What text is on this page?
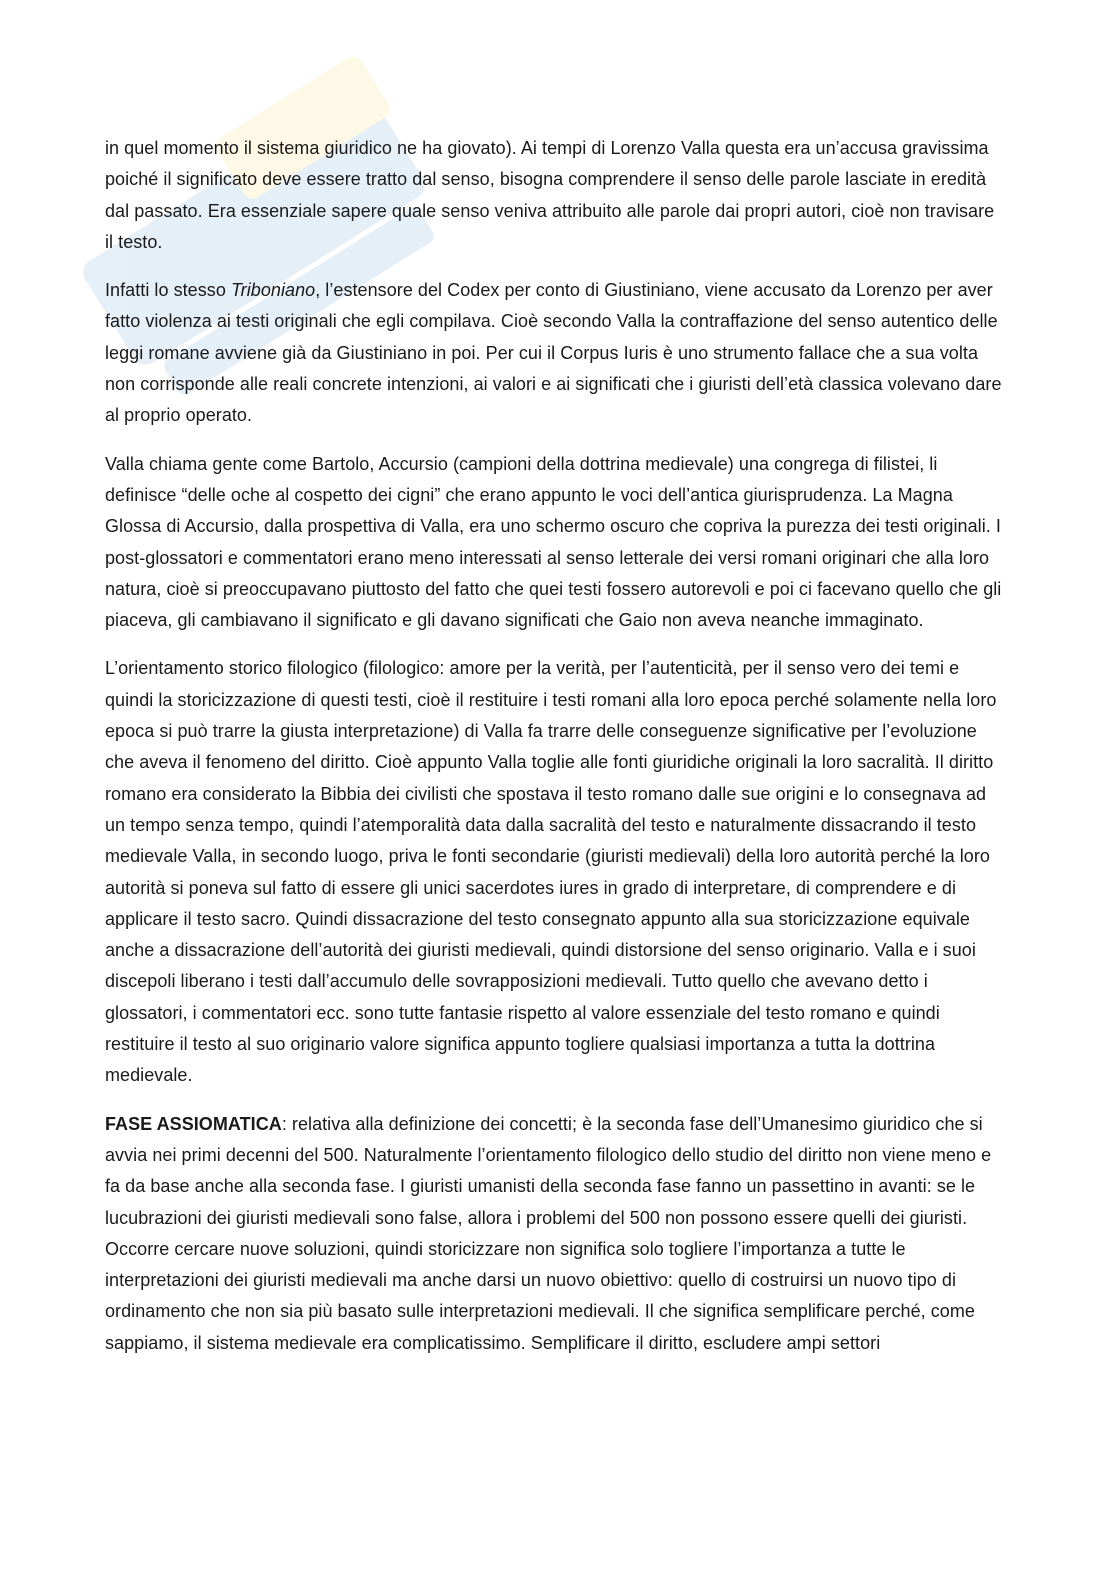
in quel momento il sistema giuridico ne ha giovato). Ai tempi di Lorenzo Valla questa era un’accusa gravissima poiché il significato deve essere tratto dal senso, bisogna comprendere il senso delle parole lasciate in eredità dal passato. Era essenziale sapere quale senso veniva attribuito alle parole dai propri autori, cioè non travisare il testo.

Infatti lo stesso Triboniano, l’estensore del Codex per conto di Giustiniano, viene accusato da Lorenzo per aver fatto violenza ai testi originali che egli compilava. Cioè secondo Valla la contraffazione del senso autentico delle leggi romane avviene già da Giustiniano in poi. Per cui il Corpus Iuris è uno strumento fallace che a sua volta non corrisponde alle reali concrete intenzioni, ai valori e ai significati che i giuristi dell’età classica volevano dare al proprio operato.

Valla chiama gente come Bartolo, Accursio (campioni della dottrina medievale) una congrega di filistei, li definisce “delle oche al cospetto dei cigni” che erano appunto le voci dell’antica giurisprudenza. La Magna Glossa di Accursio, dalla prospettiva di Valla, era uno schermo oscuro che copriva la purezza dei testi originali. I post-glossatori e commentatori erano meno interessati al senso letterale dei versi romani originari che alla loro natura, cioè si preoccupavano piuttosto del fatto che quei testi fossero autorevoli e poi ci facevano quello che gli piaceva, gli cambiavano il significato e gli davano significati che Gaio non aveva neanche immaginato.

L’orientamento storico filologico (filologico: amore per la verità, per l’autenticità, per il senso vero dei temi e quindi la storicizzazione di questi testi, cioè il restituire i testi romani alla loro epoca perché solamente nella loro epoca si può trarre la giusta interpretazione) di Valla fa trarre delle conseguenze significative per l’evoluzione che aveva il fenomeno del diritto. Cioè appunto Valla toglie alle fonti giuridiche originali la loro sacralità. Il diritto romano era considerato la Bibbia dei civilisti che spostava il testo romano dalle sue origini e lo consegnava ad un tempo senza tempo, quindi l’atemporalità data dalla sacralità del testo e naturalmente dissacrando il testo medievale Valla, in secondo luogo, priva le fonti secondarie (giuristi medievali) della loro autorità perché la loro autorità si poneva sul fatto di essere gli unici sacerdotes iures in grado di interpretare, di comprendere e di applicare il testo sacro. Quindi dissacrazione del testo consegnato appunto alla sua storicizzazione equivale anche a dissacrazione dell’autorità dei giuristi medievali, quindi distorsione del senso originario. Valla e i suoi discepoli liberano i testi dall’accumulo delle sovrapposizioni medievali. Tutto quello che avevano detto i glossatori, i commentatori ecc. sono tutte fantasie rispetto al valore essenziale del testo romano e quindi restituire il testo al suo originario valore significa appunto togliere qualsiasi importanza a tutta la dottrina medievale.

FASE ASSIOMATICA: relativa alla definizione dei concetti; è la seconda fase dell’Umanesimo giuridico che si avvia nei primi decenni del 500. Naturalmente l’orientamento filologico dello studio del diritto non viene meno e fa da base anche alla seconda fase. I giuristi umanisti della seconda fase fanno un passettino in avanti: se le lucubrazioni dei giuristi medievali sono false, allora i problemi del 500 non possono essere quelli dei giuristi. Occorre cercare nuove soluzioni, quindi storicizzare non significa solo togliere l’importanza a tutte le interpretazioni dei giuristi medievali ma anche darsi un nuovo obiettivo: quello di costruirsi un nuovo tipo di ordinamento che non sia più basato sulle interpretazioni medievali. Il che significa semplificare perché, come sappiamo, il sistema medievale era complicatissimo. Semplificare il diritto, escludere ampi settori
